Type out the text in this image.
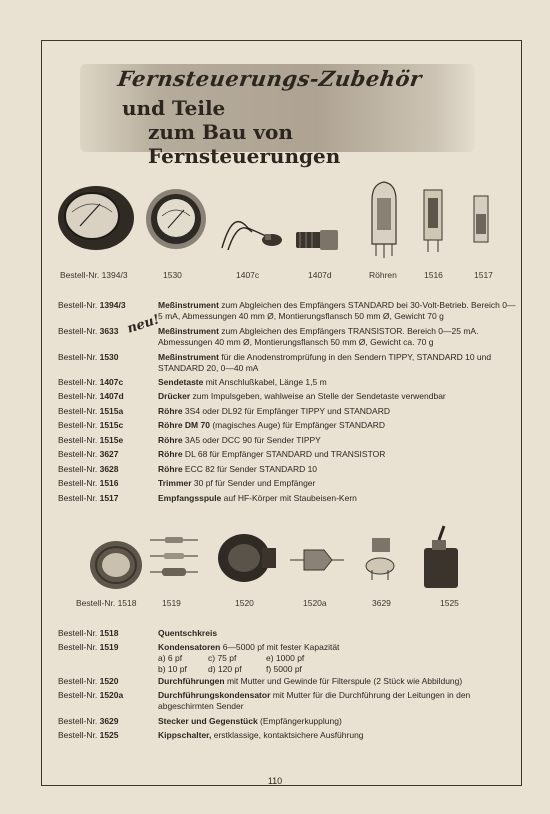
Fernsteuerungs-Zubehör
und Teile
zum Bau von Fernsteuerungen
Bestell-Nr. 1394/3	1530	1407c	1407d	Röhren	1516	1517
neu!
Bestell-Nr. 1394/3	Meßinstrument zum Abgleichen des Empfängers STANDARD bei 30-Volt-Betrieb. Bereich 0—5 mA, Abmessungen 40 mm Ø, Montierungsflansch 50 mm Ø, Gewicht 70 g
Bestell-Nr. 3633	Meßinstrument zum Abgleichen des Empfängers TRANSISTOR. Bereich 0—25 mA. Abmessungen 40 mm Ø, Montierungsflansch 50 mm Ø, Gewicht ca. 70 g
Bestell-Nr. 1530	Meßinstrument für die Anodenstromprüfung in den Sendern TIPPY, STANDARD 10 und STANDARD 20, 0—40 mA
Bestell-Nr. 1407c	Sendetaste mit Anschlußkabel, Länge 1,5 m
Bestell-Nr. 1407d	Drücker zum Impulsgeben, wahlweise an Stelle der Sendetaste verwendbar
Bestell-Nr. 1515a	Röhre 3S4 oder DL92 für Empfänger TIPPY und STANDARD
Bestell-Nr. 1515c	Röhre DM 70 (magisches Auge) für Empfänger STANDARD
Bestell-Nr. 1515e	Röhre 3A5 oder DCC 90 für Sender TIPPY
Bestell-Nr. 3627	Röhre DL 68 für Empfänger STANDARD und TRANSISTOR
Bestell-Nr. 3628	Röhre ECC 82 für Sender STANDARD 10
Bestell-Nr. 1516	Trimmer 30 pf für Sender und Empfänger
Bestell-Nr. 1517	Empfangsspule auf HF-Körper mit Staubeisen-Kern
Bestell-Nr. 1518	1519	1520	1520a	3629	1525
Bestell-Nr. 1518	Quentschkreis
Bestell-Nr. 1519	Kondensatoren 6—5000 pf mit fester Kapazität
a) 6 pf	c) 75 pf	e) 1000 pf
b) 10 pf	d) 120 pf	f) 5000 pf
Bestell-Nr. 1520	Durchführungen mit Mutter und Gewinde für Filterspule (2 Stück wie Abbildung)
Bestell-Nr. 1520a	Durchführungskondensator mit Mutter für die Durchführung der Leitungen in den abgeschirmten Sender
Bestell-Nr. 3629	Stecker und Gegenstück (Empfängerkupplung)
Bestell-Nr. 1525	Kippschalter, erstklassige, kontaktsichere Ausführung
110
